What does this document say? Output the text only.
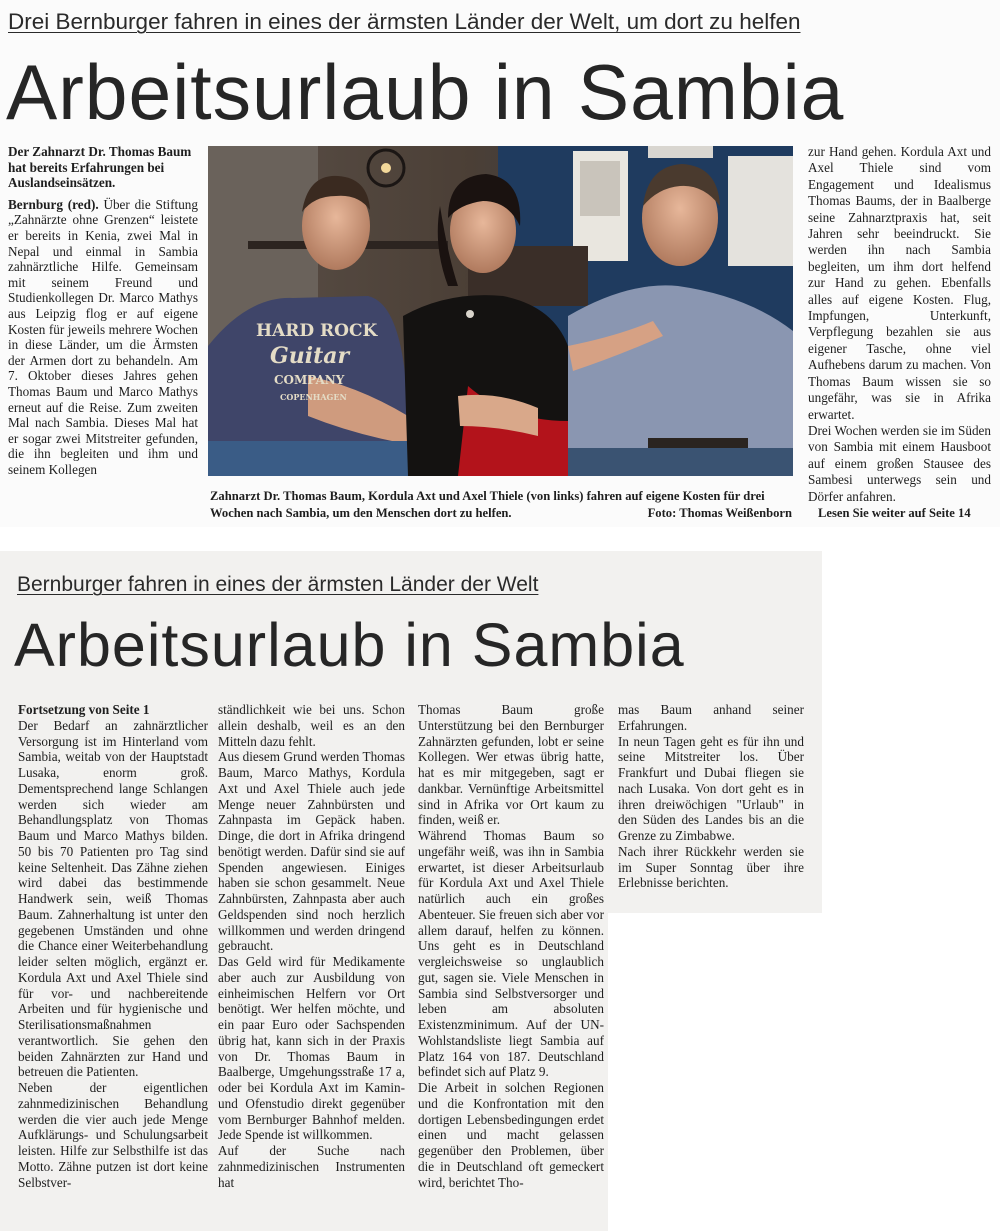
Drei Bernburger fahren in eines der ärmsten Länder der Welt, um dort zu helfen
Arbeitsurlaub in Sambia
Der Zahnarzt Dr. Thomas Baum hat bereits Erfahrungen bei Auslandseinsätzen.

Bernburg (red). Über die Stiftung „Zahnärzte ohne Grenzen“ leistete er bereits in Kenia, zwei Mal in Nepal und einmal in Sambia zahnärztliche Hilfe. Gemeinsam mit seinem Freund und Studienkollegen Dr. Marco Mathys aus Leipzig flog er auf eigene Kosten für jeweils mehrere Wochen in diese Länder, um die Ärmsten der Armen dort zu behandeln. Am 7. Oktober dieses Jahres gehen Thomas Baum und Marco Mathys erneut auf die Reise. Zum zweiten Mal nach Sambia. Dieses Mal hat er sogar zwei Mitstreiter gefunden, die ihn begleiten und ihm und seinem Kollegen

HARD ROCK
Guitar
COMPANY
COPENHAGEN
Zahnarzt Dr. Thomas Baum, Kordula Axt und Axel Thiele (von links) fahren auf eigene Kosten für drei Wochen nach Sambia, um den Menschen dort zu helfen.	Foto: Thomas Weißenborn

zur Hand gehen. Kordula Axt und Axel Thiele sind vom Engagement und Idealismus Thomas Baums, der in Baalberge seine Zahnarztpraxis hat, seit Jahren sehr beeindruckt. Sie werden ihn nach Sambia begleiten, um ihm dort helfend zur Hand zu gehen. Ebenfalls alles auf eigene Kosten. Flug, Impfungen, Unterkunft, Verpflegung bezahlen sie aus eigener Tasche, ohne viel Aufhebens darum zu machen. Von Thomas Baum wissen sie so ungefähr, was sie in Afrika erwartet.

Drei Wochen werden sie im Süden von Sambia mit einem Hausboot auf einem großen Stausee des Sambesi unterwegs sein und Dörfer anfahren.

Lesen Sie weiter auf Seite 14
Bernburger fahren in eines der ärmsten Länder der Welt
Arbeitsurlaub in Sambia

Fortsetzung von Seite 1

Der Bedarf an zahnärztlicher Versorgung ist im Hinterland vom Sambia, weitab von der Hauptstadt Lusaka, enorm groß. Dementsprechend lange Schlangen werden sich wieder am Behandlungsplatz von Thomas Baum und Marco Mathys bilden. 50 bis 70 Patienten pro Tag sind keine Seltenheit. Das Zähne ziehen wird dabei das bestimmende Handwerk sein, weiß Thomas Baum. Zahnerhaltung ist unter den gegebenen Umständen und ohne die Chance einer Weiterbehandlung leider selten möglich, ergänzt er. Kordula Axt und Axel Thiele sind für vor- und nachbereitende Arbeiten und für hygienische und Sterilisationsmaßnahmen verantwortlich. Sie gehen den beiden Zahnärzten zur Hand und betreuen die Patienten.

Neben der eigentlichen zahnmedizinischen Behandlung werden die vier auch jede Menge Aufklärungs- und Schulungsarbeit leisten. Hilfe zur Selbsthilfe ist das Motto. Zähne putzen ist dort keine Selbstver-

ständlichkeit wie bei uns. Schon allein deshalb, weil es an den Mitteln dazu fehlt.

Aus diesem Grund werden Thomas Baum, Marco Mathys, Kordula Axt und Axel Thiele auch jede Menge neuer Zahnbürsten und Zahnpasta im Gepäck haben. Dinge, die dort in Afrika dringend benötigt werden. Dafür sind sie auf Spenden angewiesen. Einiges haben sie schon gesammelt. Neue Zahnbürsten, Zahnpasta aber auch Geldspenden sind noch herzlich willkommen und werden dringend gebraucht.

Das Geld wird für Medikamente aber auch zur Ausbildung von einheimischen Helfern vor Ort benötigt. Wer helfen möchte, und ein paar Euro oder Sachspenden übrig hat, kann sich in der Praxis von Dr. Thomas Baum in Baalberge, Umgehungsstraße 17 a, oder bei Kordula Axt im Kamin- und Ofenstudio direkt gegenüber vom Bernburger Bahnhof melden. Jede Spende ist willkommen.

Auf der Suche nach zahnmedizinischen Instrumenten hat

Thomas Baum große Unterstützung bei den Bernburger Zahnärzten gefunden, lobt er seine Kollegen. Wer etwas übrig hatte, hat es mir mitgegeben, sagt er dankbar. Vernünftige Arbeitsmittel sind in Afrika vor Ort kaum zu finden, weiß er.

Während Thomas Baum so ungefähr weiß, was ihn in Sambia erwartet, ist dieser Arbeitsurlaub für Kordula Axt und Axel Thiele natürlich auch ein großes Abenteuer. Sie freuen sich aber vor allem darauf, helfen zu können. Uns geht es in Deutschland vergleichsweise so unglaublich gut, sagen sie. Viele Menschen in Sambia sind Selbstversorger und leben am absoluten Existenzminimum. Auf der UN-Wohlstandsliste liegt Sambia auf Platz 164 von 187. Deutschland befindet sich auf Platz 9.

Die Arbeit in solchen Regionen und die Konfrontation mit den dortigen Lebensbedingungen erdet einen und macht gelassen gegenüber den Problemen, über die in Deutschland oft gemeckert wird, berichtet Tho-

mas Baum anhand seiner Erfahrungen.

In neun Tagen geht es für ihn und seine Mitstreiter los. Über Frankfurt und Dubai fliegen sie nach Lusaka. Von dort geht es in ihren dreiwöchigen "Urlaub" in den Süden des Landes bis an die Grenze zu Zimbabwe.

Nach ihrer Rückkehr werden sie im Super Sonntag über ihre Erlebnisse berichten.
